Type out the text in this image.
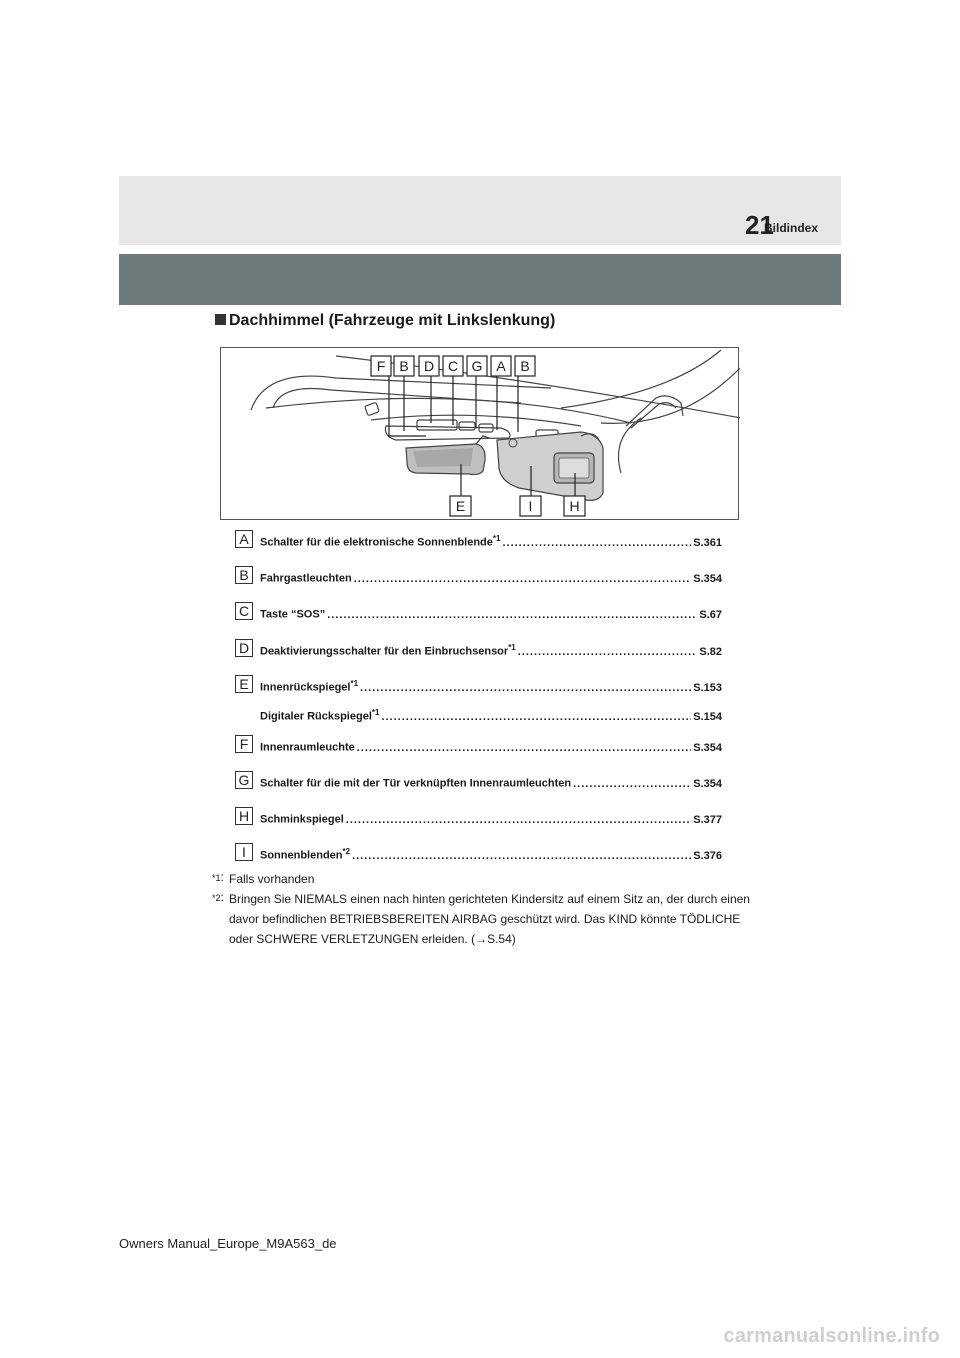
Bildindex
21
Dachhimmel (Fahrzeuge mit Linkslenkung)
F B D C G A B
E	I	H
A	Schalter für die elektronische Sonnenblende$^{*1}$ .....	S.361
B	Fahrgastleuchten .....	S.354
C Taste “SOS” .....	S.67
D Deaktivierungsschalter für den Einbruchsensor$^{*1}$ .....	S.82
E	Innenrückspiegel$^{*1}$ .....	S.153
Digitaler Rückspiegel$^{*1}$ .....	S.154
F	Innenraumleuchte .....	S.354
G Schalter für die mit der Tür verknüpften Innenraumleuchten .....	S.354
H Schminkspiegel .....	S.377
I	Sonnenblenden$^{*2}$ .....	S.376
*1: Falls vorhanden
*2: Bringen Sie NIEMALS einen nach hinten gerichteten Kindersitz auf einem Sitz an, der durch einen davor befindlichen BETRIEBSBEREITEN AIRBAG geschützt wird. Das KIND könnte TÖDLICHE oder SCHWERE VERLETZUNGEN erleiden. (→S.54)
Owners Manual_Europe_M9A563_de
carmanualsonline.info
